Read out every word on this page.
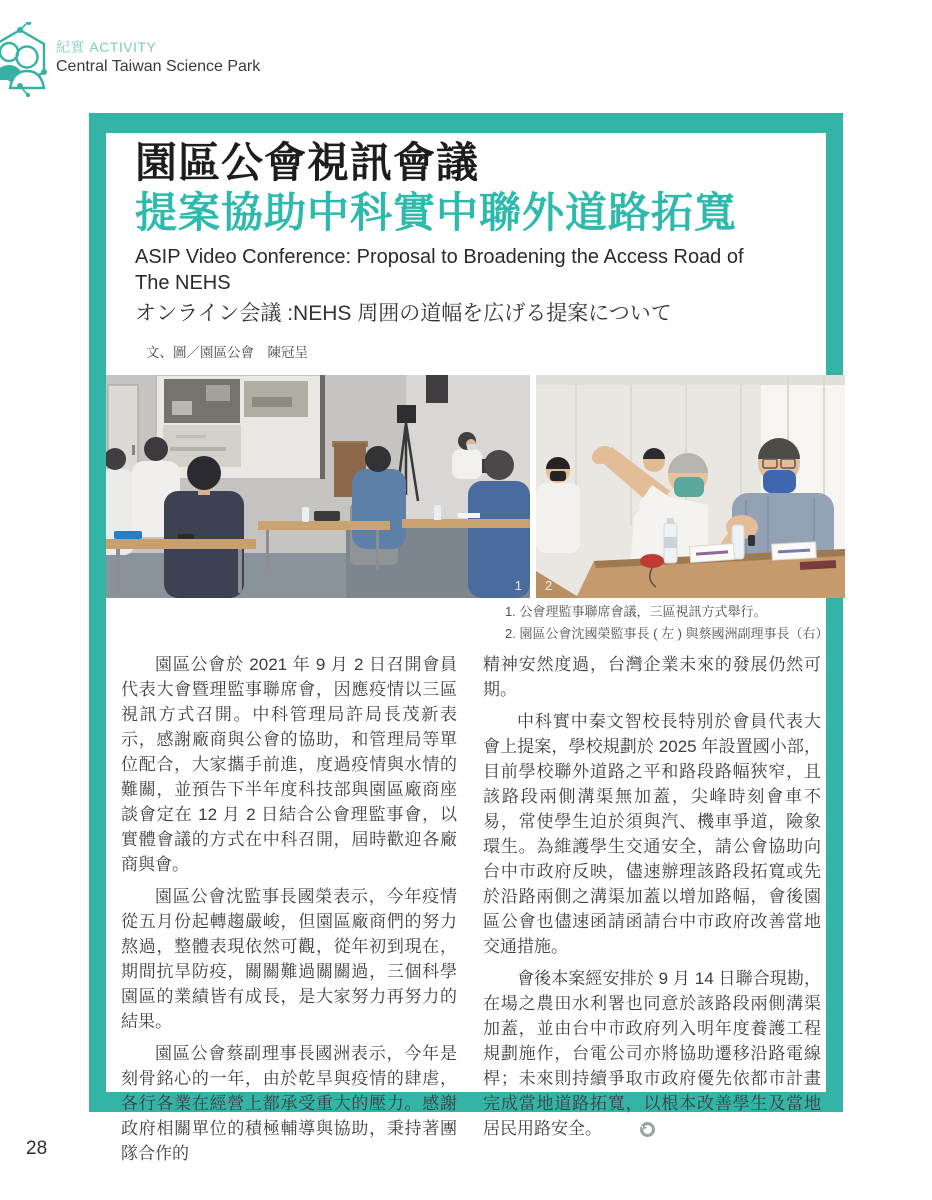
紀實 ACTIVITY
Central Taiwan Science Park
園區公會視訊會議
提案協助中科實中聯外道路拓寬
ASIP Video Conference: Proposal to Broadening the Access Road of The NEHS
オンライン会議 :NEHS 周囲の道幅を広げる提案について
文、圖／園區公會　陳冠呈
1 2
1. 公會理監事聯席會議，三區視訊方式舉行。
2. 園區公會沈國榮監事長 ( 左 ) 與蔡國洲副理事長（右）

園區公會於 2021 年 9 月 2 日召開會員代表大會暨理監事聯席會，因應疫情以三區視訊方式召開。中科管理局許局長茂新表示，感謝廠商與公會的協助，和管理局等單位配合，大家攜手前進，度過疫情與水情的難關，並預告下半年度科技部與園區廠商座談會定在 12 月 2 日結合公會理監事會，以實體會議的方式在中科召開，屆時歡迎各廠商與會。

園區公會沈監事長國榮表示，今年疫情從五月份起轉趨嚴峻，但園區廠商們的努力熬過，整體表現依然可觀，從年初到現在，期間抗旱防疫，關關難過關關過，三個科學園區的業績皆有成長，是大家努力再努力的結果。

園區公會蔡副理事長國洲表示，今年是刻骨銘心的一年，由於乾旱與疫情的肆虐，各行各業在經營上都承受重大的壓力。感謝政府相關單位的積極輔導與協助，秉持著團隊合作的

精神安然度過，台灣企業未來的發展仍然可期。

中科實中秦文智校長特別於會員代表大會上提案，學校規劃於 2025 年設置國小部，目前學校聯外道路之平和路段路幅狹窄，且該路段兩側溝渠無加蓋，尖峰時刻會車不易，常使學生迫於須與汽、機車爭道，險象環生。為維護學生交通安全，請公會協助向台中市政府反映，儘速辦理該路段拓寬或先於沿路兩側之溝渠加蓋以增加路幅，會後園區公會也儘速函請函請台中市政府改善當地交通措施。

會後本案經安排於 9 月 14 日聯合現勘，在場之農田水利署也同意於該路段兩側溝渠加蓋，並由台中市政府列入明年度養護工程規劃施作，台電公司亦將協助遷移沿路電線桿；未來則持續爭取市政府優先依都市計畫完成當地道路拓寬，以根本改善學生及當地居民用路安全。

28
